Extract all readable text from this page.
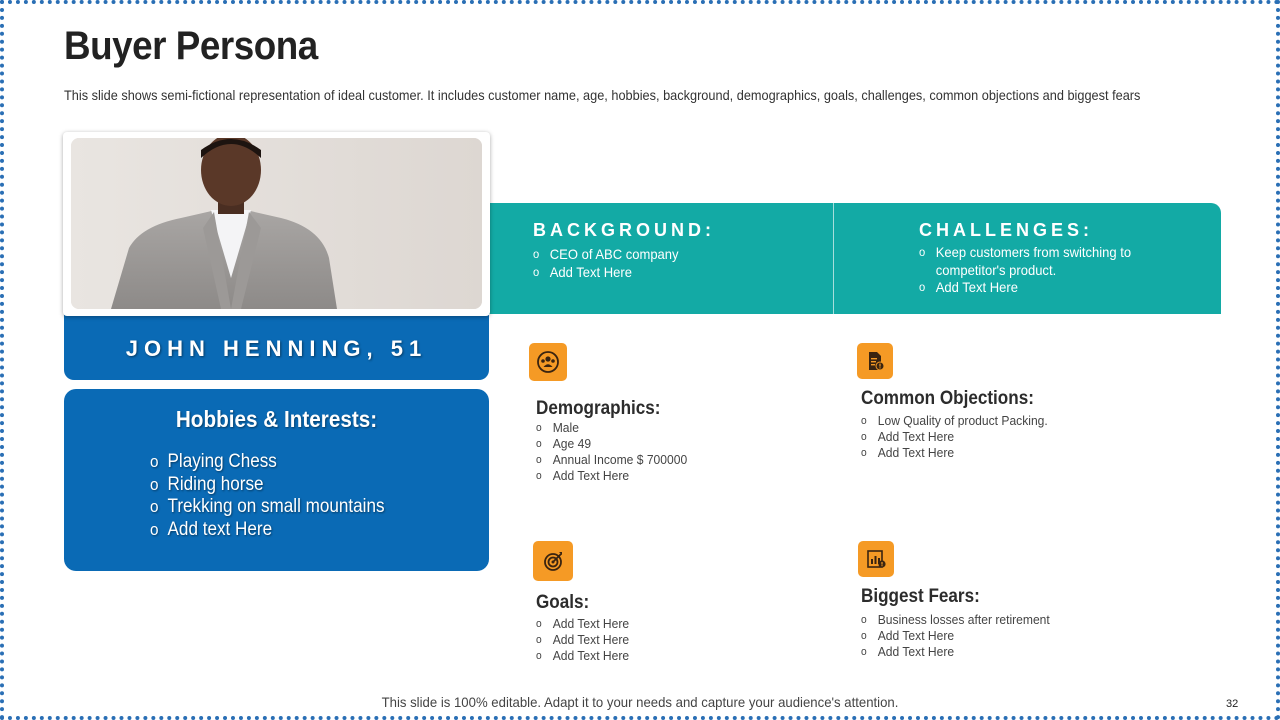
Buyer Persona

This slide shows semi-fictional representation of ideal customer. It includes customer name, age, hobbies, background, demographics, goals, challenges, common objections and biggest fears

JOHN HENNING, 51
Hobbies & Interests:
o Playing Chess
o Riding horse
o Trekking on small mountains
o Add text Here
BACKGROUND:
o CEO of ABC company
o Add Text Here
CHALLENGES:
o Keep customers from switching to competitor's product.
o Add Text Here
Demographics:
o Male
o Age 49
o Annual Income $ 700000
o Add Text Here
Common Objections:
o Low Quality of product Packing.
o Add Text Here
o Add Text Here
Goals:
o Add Text Here
o Add Text Here
o Add Text Here
Biggest Fears:
o Business losses after retirement
o Add Text Here
o Add Text Here
This slide is 100% editable. Adapt it to your needs and capture your audience's attention.	32
